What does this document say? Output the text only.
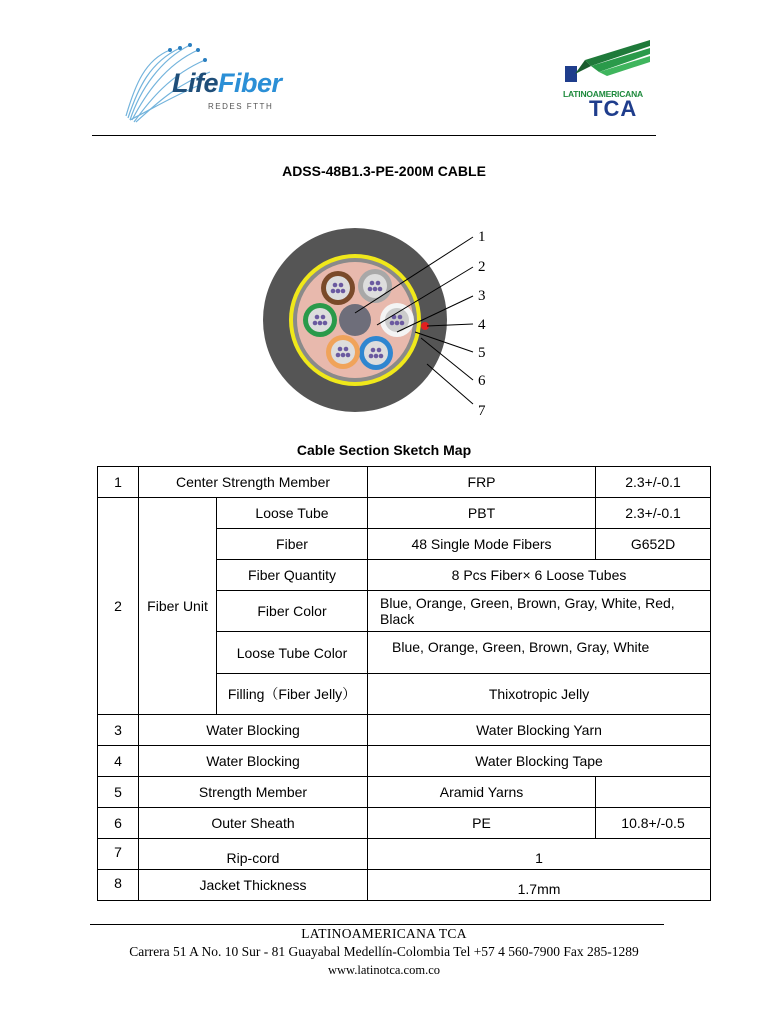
LifeFiber
REDES FTTH
LATINOAMERICANA
TCA
ADSS-48B1.3-PE-200M CABLE
1
2
3
4
5
6
7
Cable Section Sketch Map
1	Center Strength Member		FRP	2.3+/-0.1
2	Fiber Unit	Loose Tube	PBT	2.3+/-0.1
		Fiber	48 Single Mode Fibers	G652D
		Fiber Quantity	8 Pcs Fiber× 6 Loose Tubes	
		Fiber Color	Blue, Orange, Green, Brown, Gray, White, Red, Black	
		Loose Tube Color	Blue, Orange, Green, Brown, Gray, White	
		Filling（Fiber Jelly）	Thixotropic Jelly	
3	Water Blocking		Water Blocking Yarn	
4	Water Blocking		Water Blocking Tape	
5	Strength Member		Aramid Yarns	
6	Outer Sheath		PE	10.8+/-0.5
7	Rip-cord		1	
8	Jacket Thickness		1.7mm	
LATINOAMERICANA TCA
Carrera 51 A No. 10 Sur - 81 Guayabal Medellín-Colombia Tel +57 4 560-7900 Fax 285-1289
www.latinotca.com.co
